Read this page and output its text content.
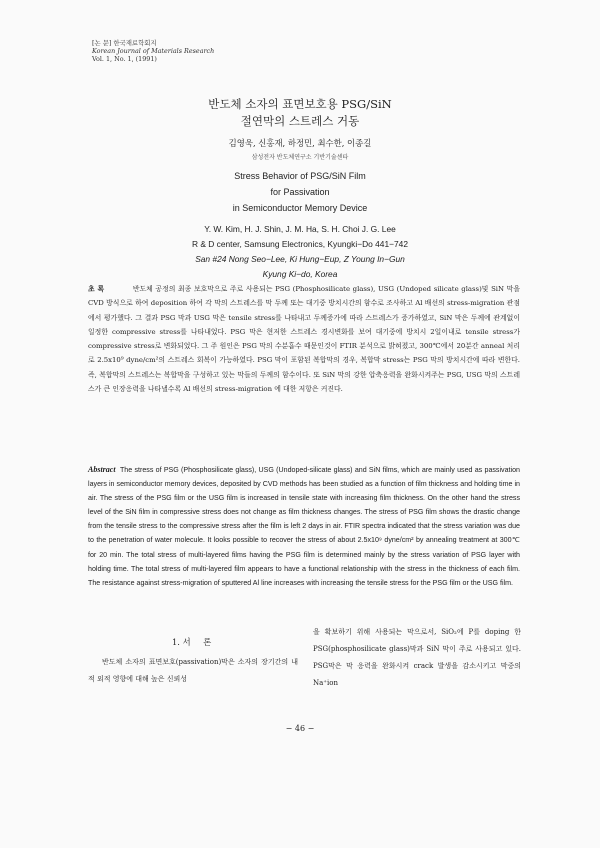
[논 문] 한국재료학회지
Korean Journal of Materials Research
Vol. 1, No. 1, (1991)
반도체 소자의 표면보호용 PSG/SiN
절연막의 스트레스 거동
김영욱, 신홍재, 하정민, 최수한, 이종길
삼성전자 반도체연구소 기반기술센타
Stress Behavior of PSG/SiN Film
for Passivation
in Semiconductor Memory Device
Y. W. Kim, H. J. Shin, J. M. Ha, S. H. Choi J. G. Lee
R & D center, Samsung Electronics, Kyungki−Do 441−742
San #24 Nong Seo−Lee, Ki Hung−Eup, Z Young In−Gun
Kyung Ki−do, Korea
초 록	반도체 공정의 최종 보호막으로 주로 사용되는 PSG (Phosphosilicate glass), USG (Undoped silicate glass)및 SiN 막을 CVD 방식으로 하여 deposition 하여 각 막의 스트레스를 막 두께 또는 대기중 방치시간의 함수로 조사하고 Al 배선의 stress-migration 관점에서 평가했다. 그 결과 PSG 막과 USG 막은 tensile stress를 나타내고 두께증가에 따라 스트레스가 증가하였고, SiN 막은 두께에 관계없이 일정한 compressive stress를 나타내었다. PSG 막은 현저한 스트레스 경시변화를 보여 대기중에 방치시 2일이내로 tensile stress가 compressive stress로 변화되었다. 그 주 원인은 PSG 막의 수분흡수 때문인것이 FTIR 분석으로 밝혀졌고, 300℃에서 20분간 anneal 처리로 2.5x10⁹ dyne/cm²의 스트레스 회복이 가능하였다. PSG 막이 포함된 복합막의 경우, 복합막 stress는 PSG 막의 방치시간에 따라 변한다. 즉, 복합막의 스트레스는 복합막을 구성하고 있는 막들의 두께의 함수이다. 또 SiN 막의 강한 압축응력을 완화시켜주는 PSG, USG 막의 스트레스가 큰 인장응력을 나타낼수록 Al 배선의 stress-migration 에 대한 저항은 커진다.
Abstract The stress of PSG (Phosphosilicate glass), USG (Undoped-silicate glass) and SiN films, which are mainly used as passivation layers in semiconductor memory devices, deposited by CVD methods has been studied as a function of film thickness and holding time in air. The stress of the PSG film or the USG film is increased in tensile state with increasing film thickness. On the other hand the stress level of the SiN film in compressive stress does not change as film thickness changes. The stress of PSG film shows the drastic change from the tensile stress to the compressive stress after the film is left 2 days in air. FTIR spectra indicated that the stress variation was due to the penetration of water molecule. It looks possible to recover the stress of about 2.5x10⁹ dyne/cm² by annealing treatment at 300℃ for 20 min. The total stress of multi-layered films having the PSG film is determined mainly by the stress variation of PSG layer with holding time. The total stress of multi-layered film appears to have a functional relationship with the stress in the thickness of each film. The resistance against stress-migration of sputtered Al line increases with increasing the tensile stress for the PSG film or the USG film.
1. 서 론
반도체 소자의 표면보호(passivation)막은 소자의 장기간의 내적 외적 영향에 대해 높은 신뢰성
을 확보하기 위해 사용되는 막으로서, SiO₂에 P를 doping 한 PSG(phosphosilicate glass)막과 SiN 막이 주로 사용되고 있다. PSG막은 막 응력을 완화시켜 crack 발생을 감소시키고 막중의 Na⁺ion
− 46 −
